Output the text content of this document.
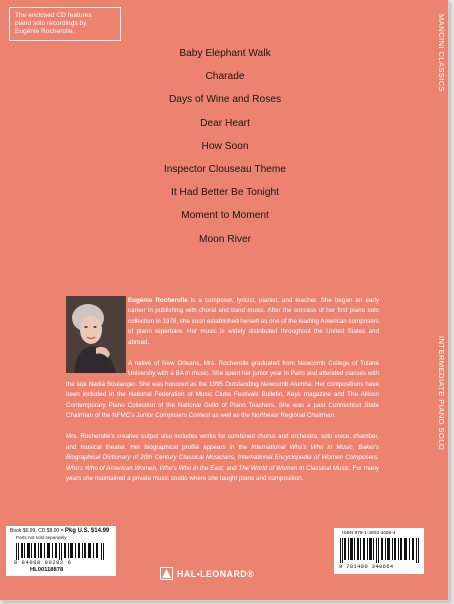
The enclosed CD features
piano solo recordings by
Eugénie Rocherolle.
Baby Elephant Walk
Charade
Days of Wine and Roses
Dear Heart
How Soon
Inspector Clouseau Theme
It Had Better Be Tonight
Moment to Moment
Moon River
MANCINI CLASSICS
INTERMEDIATE PIANO SOLO

Eugénie Rocherolle is a composer, lyricist, pianist, and teacher. She began an early career in publishing with choral and band music. After the success of her first piano solo collection in 1978, she soon established herself as one of the leading American composers of piano repertoire. Her music is widely distributed throughout the United States and abroad.

A native of New Orleans, Mrs. Rocherolle graduated from Newcomb College of Tulane University with a BA in music. She spent her junior year in Paris and attended classes with the late Nadia Boulanger. She was honored as the 1995 Outstanding Newcomb Alumna. Her compositions have been included in the National Federation of Music Clubs Festivals Bulletin, Keys magazine and The Allison Contemporary Piano Collection of the National Guild of Piano Teachers. She was a past Connecticut State Chairman of the NFMC's Junior Composers Contest as well as the Northeast Regional Chairman.

Mrs. Rocherolle's creative output also includes works for combined chorus and orchestra, solo voice, chamber, and musical theater. Her biographical profile appears in the International Who's Who in Music, Baker's Biographical Dictionary of 20th Century Classical Musicians, International Encyclopedia of Women Composers, Who's Who of American Women, Who's Who in the East, and The World of Women in Classical Music. For many years she maintained a private music studio where she taught piano and composition.

Book $6.99, CD $8.00 = Pkg U.S. $14.99
Parts not sold separately
8 84088 90292 6
HL00118878	HAL•LEONARD®
ISBN 978-1-4803-4066-4
9 781480 340664
